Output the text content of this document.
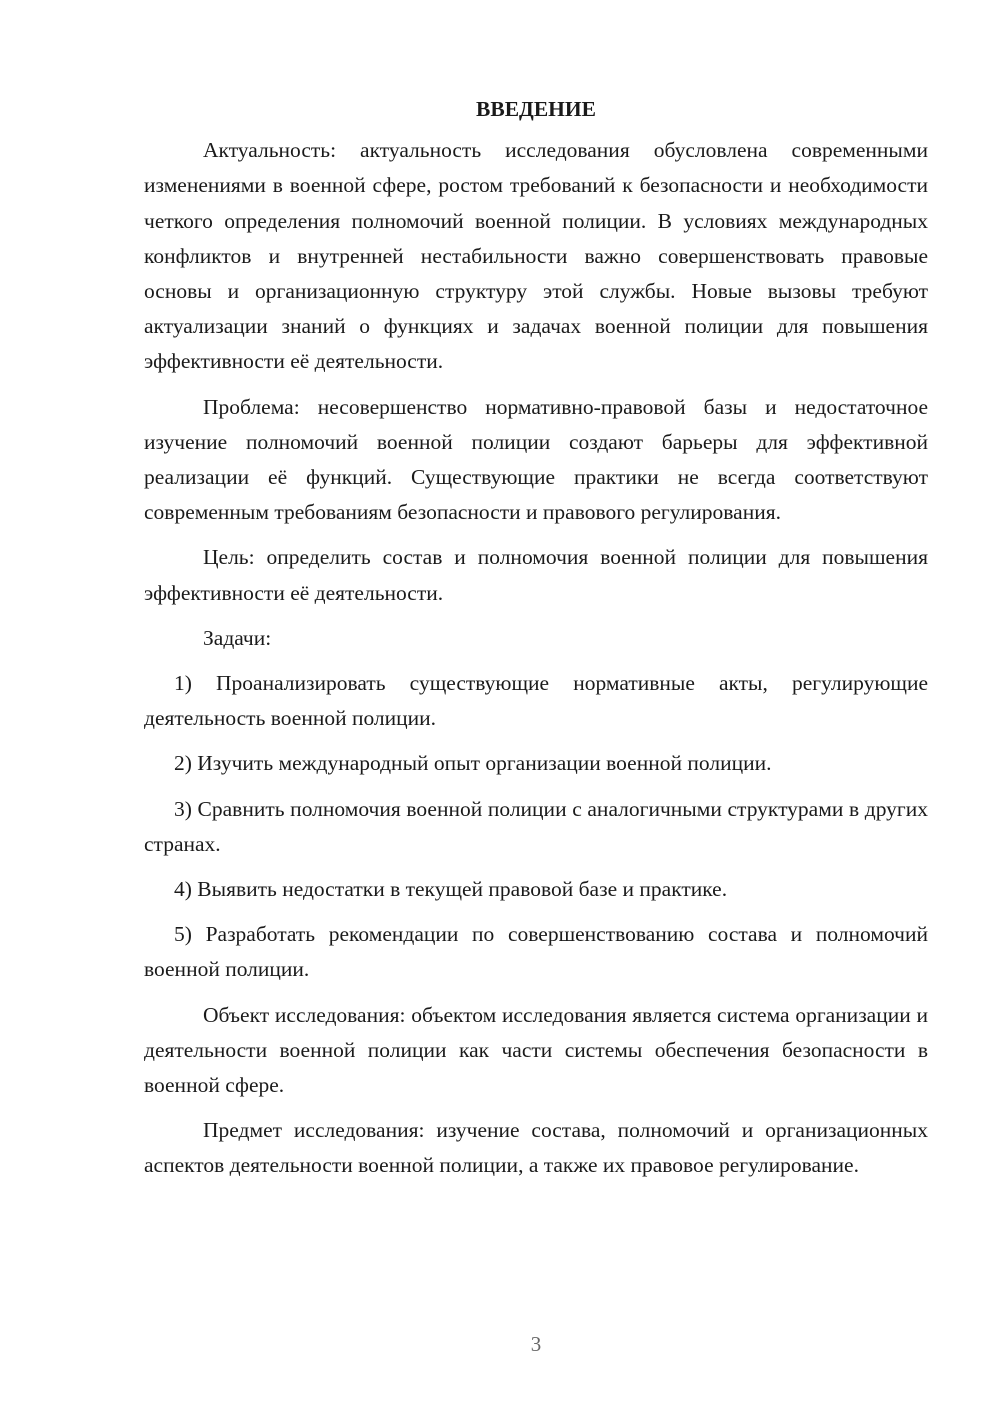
ВВЕДЕНИЕ
Актуальность: актуальность исследования обусловлена современными изменениями в военной сфере, ростом требований к безопасности и необходимости четкого определения полномочий военной полиции. В условиях международных конфликтов и внутренней нестабильности важно совершенствовать правовые основы и организационную структуру этой службы. Новые вызовы требуют актуализации знаний о функциях и задачах военной полиции для повышения эффективности её деятельности.
Проблема: несовершенство нормативно-правовой базы и недостаточное изучение полномочий военной полиции создают барьеры для эффективной реализации её функций. Существующие практики не всегда соответствуют современным требованиям безопасности и правового регулирования.
Цель: определить состав и полномочия военной полиции для повышения эффективности её деятельности.
Задачи:
1) Проанализировать существующие нормативные акты, регулирующие деятельность военной полиции.
2) Изучить международный опыт организации военной полиции.
3) Сравнить полномочия военной полиции с аналогичными структурами в других странах.
4) Выявить недостатки в текущей правовой базе и практике.
5) Разработать рекомендации по совершенствованию состава и полномочий военной полиции.
Объект исследования: объектом исследования является система организации и деятельности военной полиции как части системы обеспечения безопасности в военной сфере.
Предмет исследования: изучение состава, полномочий и организационных аспектов деятельности военной полиции, а также их правовое регулирование.
3
